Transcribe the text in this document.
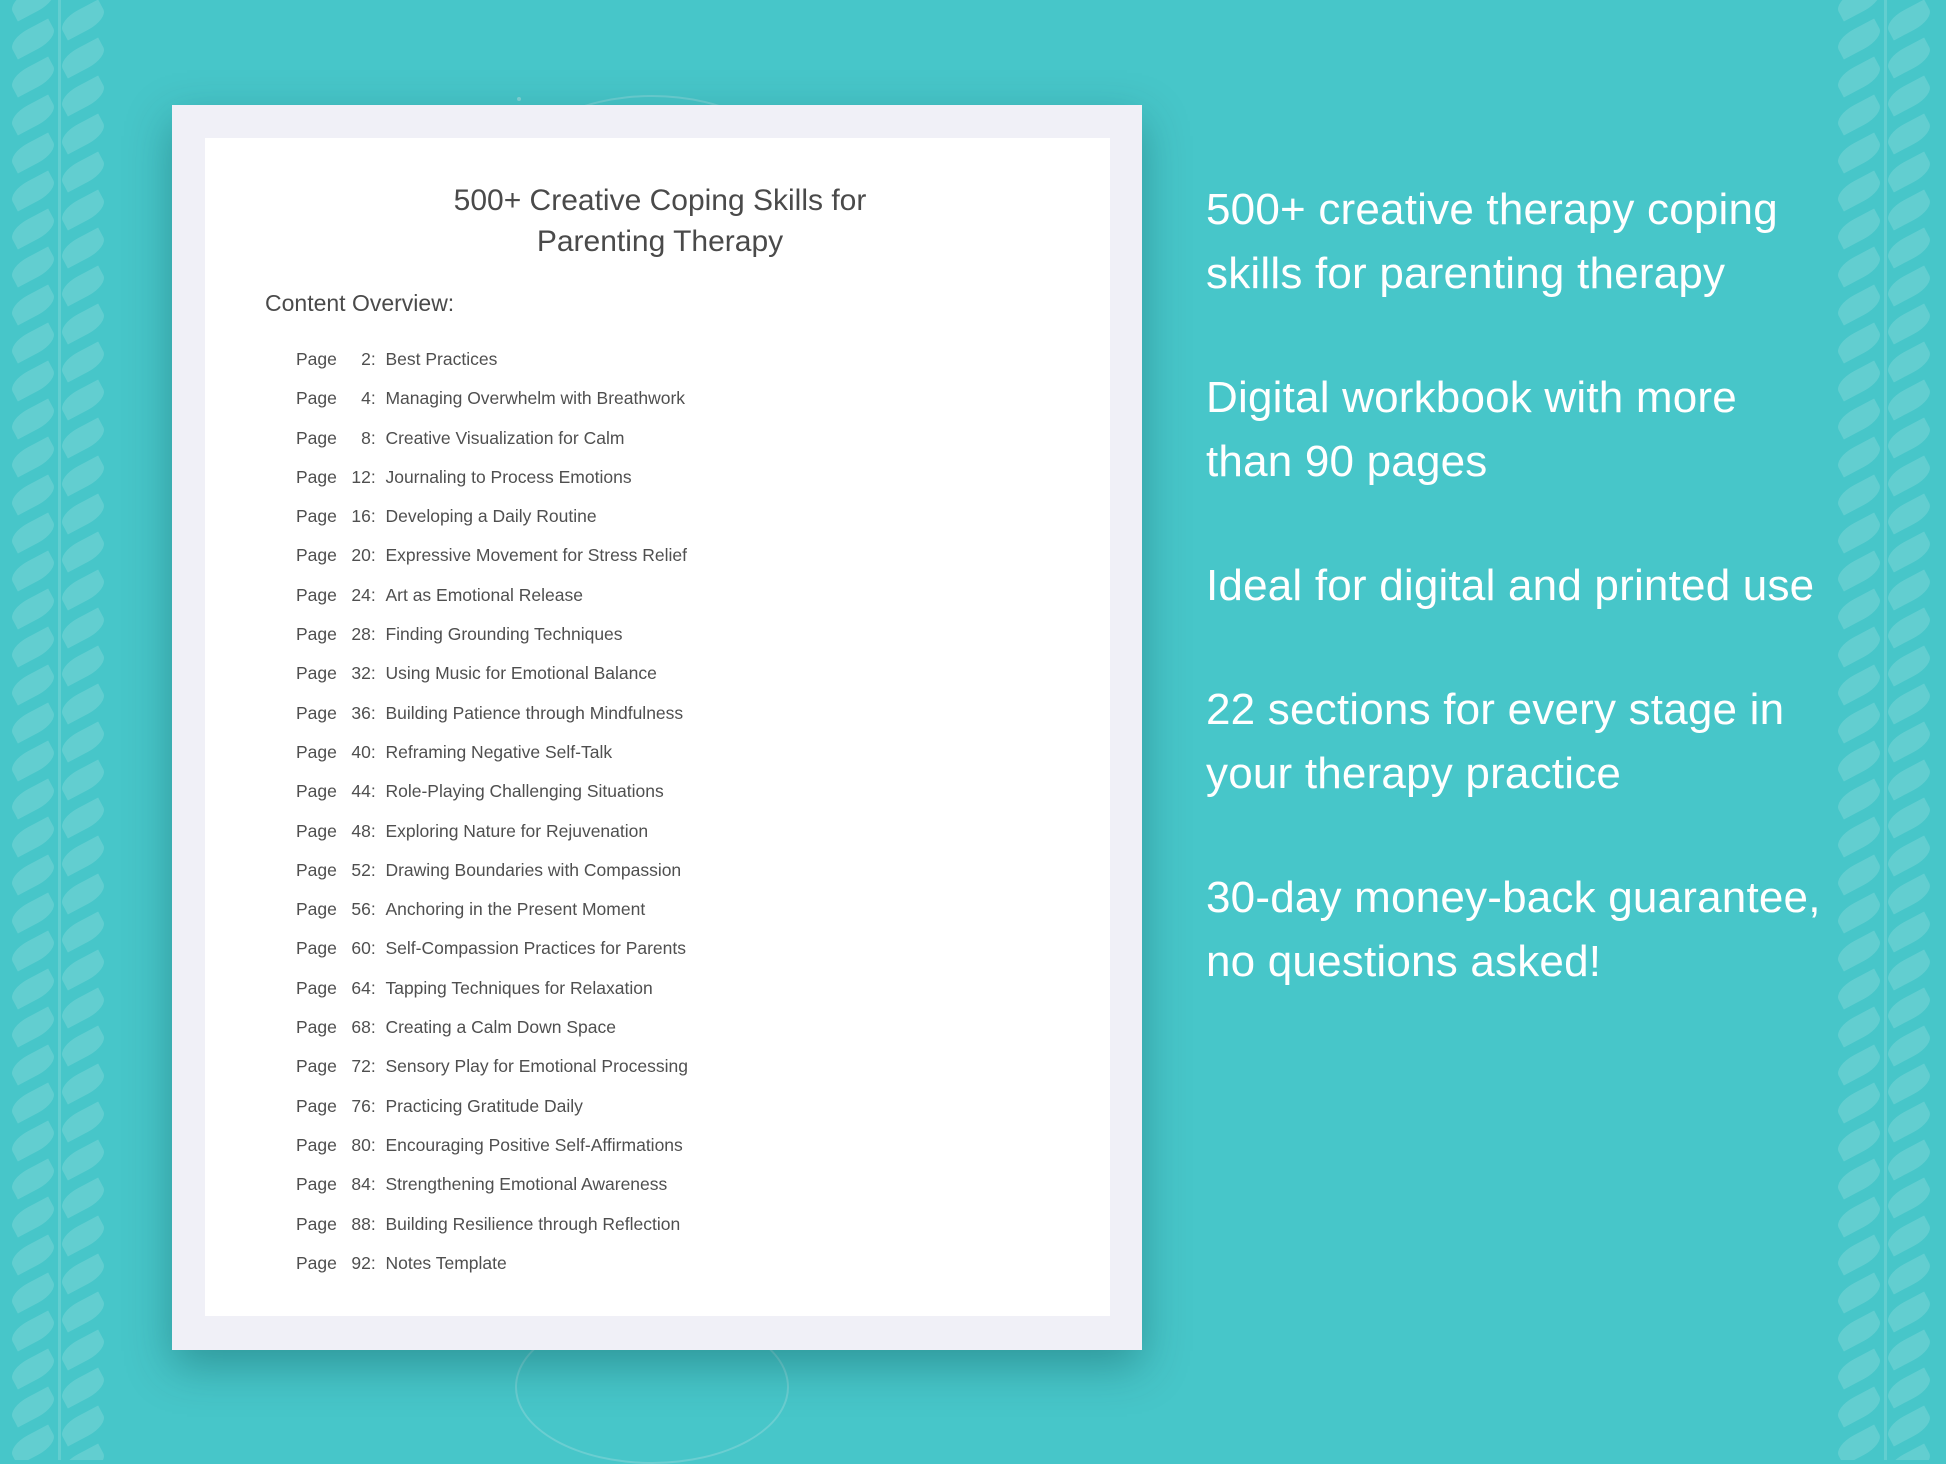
500+ Creative Coping Skills for
Parenting Therapy
Content Overview:
Page	2 : Best Practices
Page	4 : Managing Overwhelm with Breathwork
Page	8 : Creative Visualization for Calm
Page 12 : Journaling to Process Emotions
Page 16 : Developing a Daily Routine
Page 20 : Expressive Movement for Stress Relief
Page 24 : Art as Emotional Release
Page 28 : Finding Grounding Techniques
Page 32 : Using Music for Emotional Balance
Page 36 : Building Patience through Mindfulness
Page 40 : Reframing Negative Self-Talk
Page 44 : Role-Playing Challenging Situations
Page 48 : Exploring Nature for Rejuvenation
Page 52 : Drawing Boundaries with Compassion
Page 56 : Anchoring in the Present Moment
Page 60 : Self-Compassion Practices for Parents
Page 64 : Tapping Techniques for Relaxation
Page 68 : Creating a Calm Down Space
Page 72 : Sensory Play for Emotional Processing
Page 76 : Practicing Gratitude Daily
Page 80 : Encouraging Positive Self-Affirmations
Page 84 : Strengthening Emotional Awareness
Page 88 : Building Resilience through Reflection
Page 92 : Notes Template
500+ creative therapy coping skills for parenting therapy
Digital workbook with more than 90 pages
Ideal for digital and printed use
22 sections for every stage in your therapy practice
30-day money-back guarantee, no questions asked!
